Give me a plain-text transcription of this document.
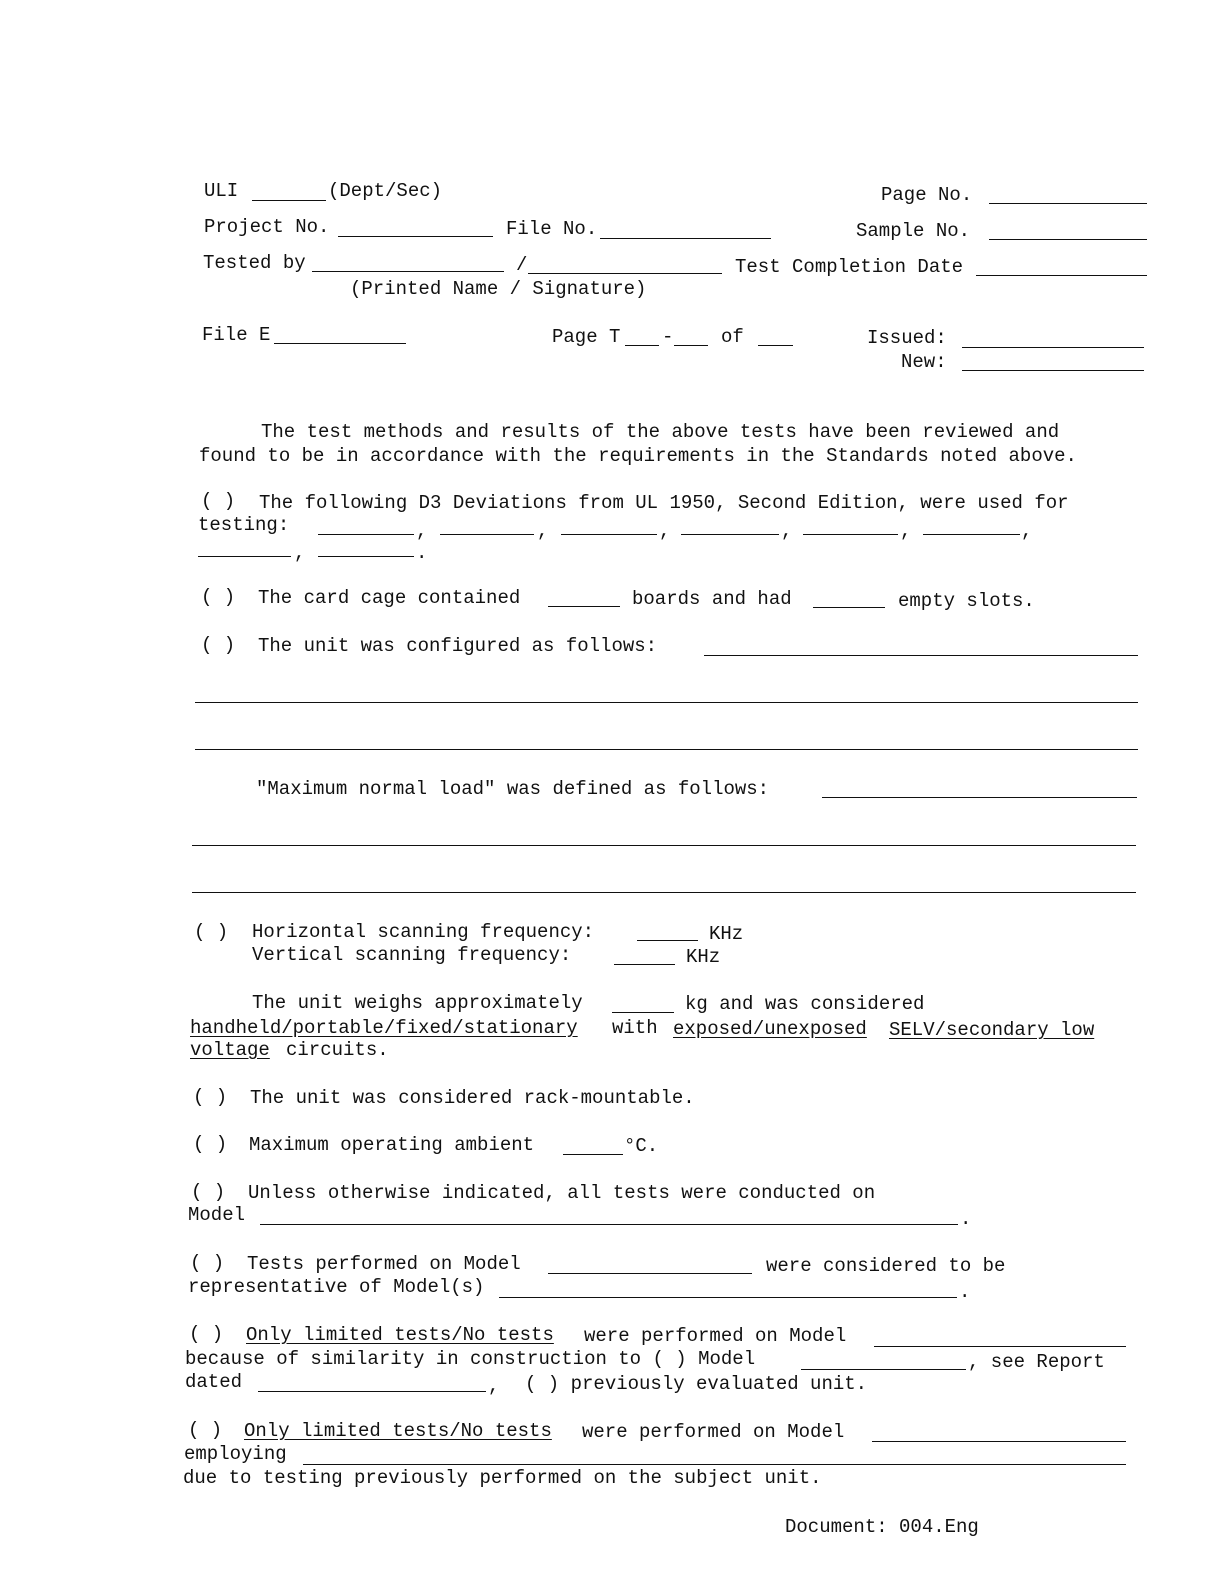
ULI	(Dept/Sec)	Page No.
Project No.	File No.	Sample No.
Tested by	/	Test Completion Date
(Printed Name / Signature)
File E	Page T -	of	Issued:
New:
The test methods and results of the above tests have been reviewed and
found to be in accordance with the requirements in the Standards noted above.
( ) The following D3 Deviations from UL 1950, Second Edition, were used for
testing:	,	,	,	,	,	,
,	.
( ) The card cage contained	boards and had	empty slots.
( ) The unit was configured as follows:
"Maximum normal load" was defined as follows:
( ) Horizontal scanning frequency:	KHz
Vertical scanning frequency:	KHz
The unit weighs approximately	kg and was considered
handheld/portable/fixed/stationary with exposed/unexposed SELV/secondary low
voltage circuits.
( ) The unit was considered rack-mountable.
( ) Maximum operating ambient	°C.
( ) Unless otherwise indicated, all tests were conducted on
Model	.
( ) Tests performed on Model	were considered to be
representative of Model(s)	.
( ) Only limited tests/No tests were performed on Model
because of similarity in construction to ( ) Model	, see Report
dated	, ( ) previously evaluated unit.
( ) Only limited tests/No tests were performed on Model
employing
due to testing previously performed on the subject unit.
Document: 004.Eng
